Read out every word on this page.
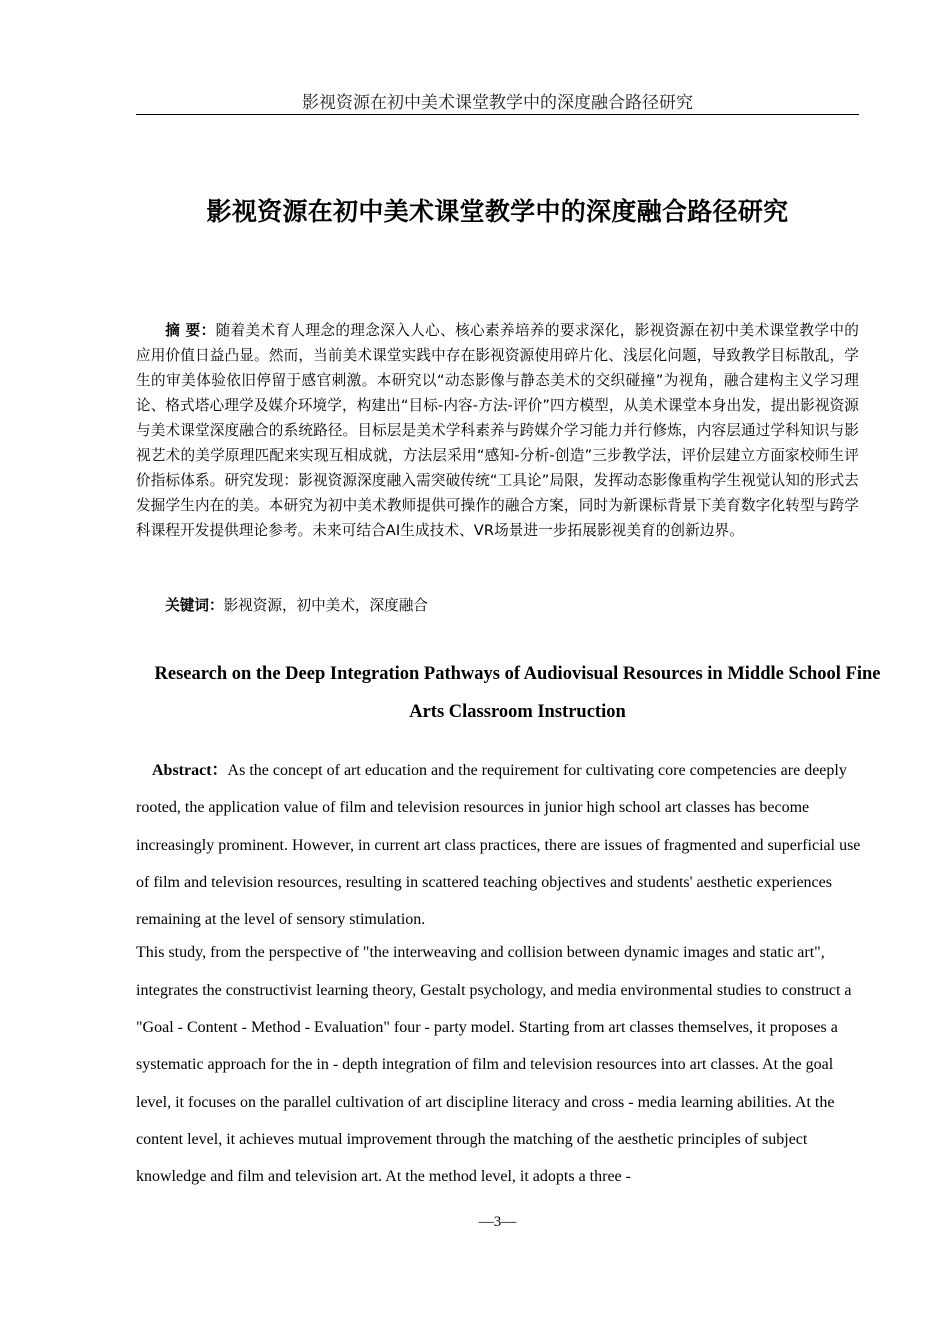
影视资源在初中美术课堂教学中的深度融合路径研究
影视资源在初中美术课堂教学中的深度融合路径研究
摘 要：随着美术育人理念的理念深入人心、核心素养培养的要求深化，影视资源在初中美术课堂教学中的应用价值日益凸显。然而，当前美术课堂实践中存在影视资源使用碎片化、浅层化问题，导致教学目标散乱，学生的审美体验依旧停留于感官刺激。本研究以“动态影像与静态美术的交织碰撞”为视角，融合建构主义学习理论、格式塔心理学及媒介环境学，构建出“目标-内容-方法-评价”四方模型，从美术课堂本身出发，提出影视资源与美术课堂深度融合的系统路径。目标层是美术学科素养与跨媒介学习能力并行修炼，内容层通过学科知识与影视艺术的美学原理匹配来实现互相成就，方法层采用“感知-分析-创造”三步教学法，评价层建立方面家校师生评价指标体系。研究发现：影视资源深度融入需突破传统“工具论”局限，发挥动态影像重构学生视觉认知的形式去发掘学生内在的美。本研究为初中美术教师提供可操作的融合方案，同时为新课标背景下美育数字化转型与跨学科课程开发提供理论参考。未来可结合AI生成技术、VR场景进一步拓展影视美育的创新边界。
关键词：影视资源，初中美术，深度融合
Research on the Deep Integration Pathways of Audiovisual Resources in Middle School Fine Arts Classroom Instruction

Abstract：As the concept of art education and the requirement for cultivating core competencies are deeply rooted, the application value of film and television resources in junior high school art classes has become increasingly prominent. However, in current art class practices, there are issues of fragmented and superficial use of film and television resources, resulting in scattered teaching objectives and students' aesthetic experiences remaining at the level of sensory stimulation.

This study, from the perspective of "the interweaving and collision between dynamic images and static art", integrates the constructivist learning theory, Gestalt psychology, and media environmental studies to construct a "Goal - Content - Method - Evaluation" four - party model. Starting from art classes themselves, it proposes a systematic approach for the in - depth integration of film and television resources into art classes. At the goal level, it focuses on the parallel cultivation of art discipline literacy and cross - media learning abilities. At the content level, it achieves mutual improvement through the matching of the aesthetic principles of subject knowledge and film and television art. At the method level, it adopts a three -

—3—
